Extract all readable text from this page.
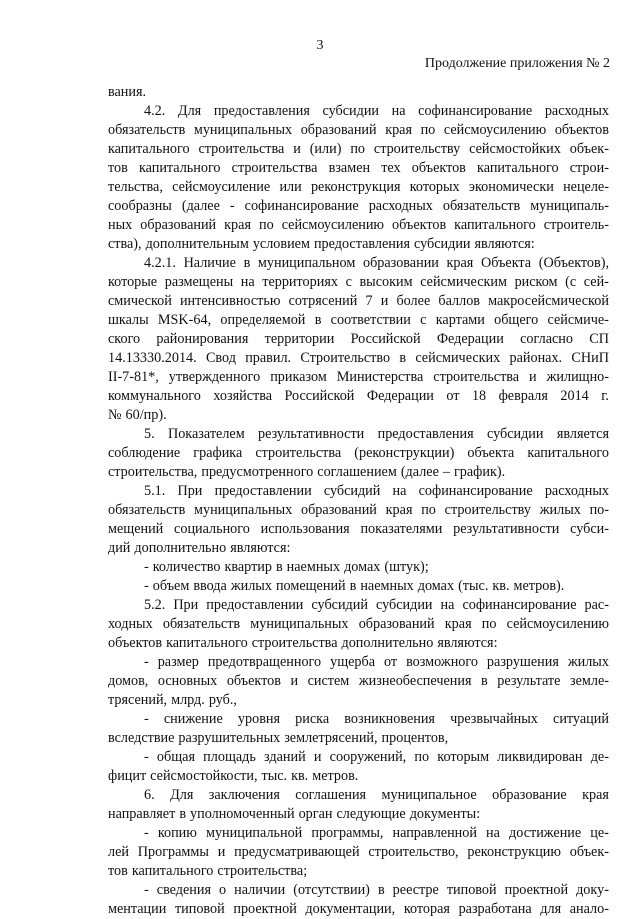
3
Продолжение приложения № 2
вания.
4.2. Для предоставления субсидии на софинансирование расходных
обязательств муниципальных образований края по сейсмоусилению объектов
капитального строительства и (или) по строительству сейсмостойких объек-
тов капитального строительства взамен тех объектов капитального строи-
тельства, сейсмоусиление или реконструкция которых экономически нецеле-
сообразны (далее - софинансирование расходных обязательств муниципаль-
ных образований края по сейсмоусилению объектов капитального строитель-
ства), дополнительным условием предоставления субсидии являются:
4.2.1. Наличие в муниципальном образовании края Объекта (Объектов),
которые размещены на территориях с высоким сейсмическим риском (с сей-
смической интенсивностью сотрясений 7 и более баллов макросейсмической
шкалы MSK-64, определяемой в соответствии с картами общего сейсмиче-
ского районирования территории Российской Федерации согласно СП
14.13330.2014. Свод правил. Строительство в сейсмических районах. СНиП
II-7-81*, утвержденного приказом Министерства строительства и жилищно-
коммунального хозяйства Российской Федерации от 18 февраля 2014 г.
№ 60/пр).
5. Показателем результативности предоставления субсидии является
соблюдение графика строительства (реконструкции) объекта капитального
строительства, предусмотренного соглашением (далее – график).
5.1. При предоставлении субсидий на софинансирование расходных
обязательств муниципальных образований края по строительству жилых по-
мещений социального использования показателями результативности субси-
дий дополнительно являются:
- количество квартир в наемных домах (штук);
- объем ввода жилых помещений в наемных домах (тыс. кв. метров).
5.2. При предоставлении субсидий субсидии на софинансирование рас-
ходных обязательств муниципальных образований края по сейсмоусилению
объектов капитального строительства дополнительно являются:
- размер предотвращенного ущерба от возможного разрушения жилых
домов, основных объектов и систем жизнеобеспечения в результате земле-
трясений, млрд. руб.,
- снижение уровня риска возникновения чрезвычайных ситуаций
вследствие разрушительных землетрясений, процентов,
- общая площадь зданий и сооружений, по которым ликвидирован де-
фицит сейсмостойкости, тыс. кв. метров.
6. Для заключения соглашения муниципальное образование края
направляет в уполномоченный орган следующие документы:
- копию муниципальной программы, направленной на достижение це-
лей Программы и предусматривающей строительство, реконструкцию объек-
тов капитального строительства;
- сведения о наличии (отсутствии) в реестре типовой проектной доку-
ментации типовой проектной документации, которая разработана для анало-
